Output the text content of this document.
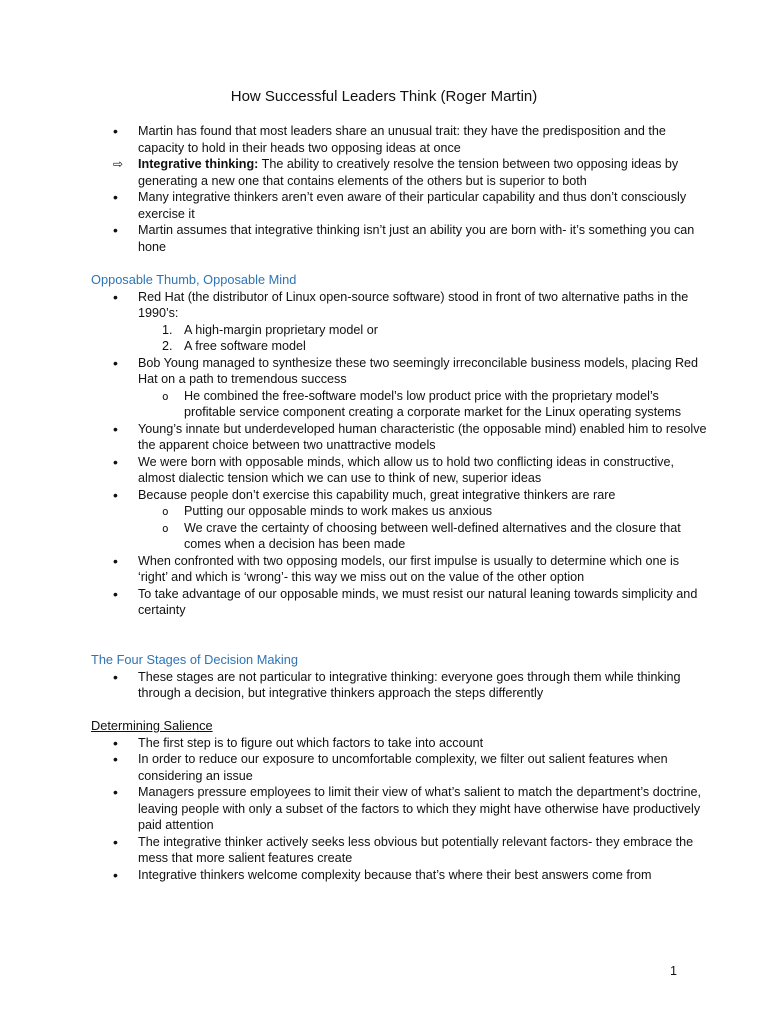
How Successful Leaders Think (Roger Martin)
•
Martin has found that most leaders share an unusual trait: they have the predisposition and the capacity to hold in their heads two opposing ideas at once
⇨
Integrative thinking: The ability to creatively resolve the tension between two opposing ideas by generating a new one that contains elements of the others but is superior to both
•
Many integrative thinkers aren’t even aware of their particular capability and thus don’t consciously exercise it
•
Martin assumes that integrative thinking isn’t just an ability you are born with- it’s something you can hone
Opposable Thumb, Opposable Mind
•
Red Hat (the distributor of Linux open-source software) stood in front of two alternative paths in the 1990’s:
1. A high-margin proprietary model or
2. A free software model
•
Bob Young managed to synthesize these two seemingly irreconcilable business models, placing Red Hat on a path to tremendous success
o
He combined the free-software model’s low product price with the proprietary model’s profitable service component creating a corporate market for the Linux operating systems
•
Young’s innate but underdeveloped human characteristic (the opposable mind) enabled him to resolve the apparent choice between two unattractive models
•
We were born with opposable minds, which allow us to hold two conflicting ideas in constructive, almost dialectic tension which we can use to think of new, superior ideas
•
Because people don’t exercise this capability much, great integrative thinkers are rare
o
Putting our opposable minds to work makes us anxious
o
We crave the certainty of choosing between well-defined alternatives and the closure that comes when a decision has been made
•
When confronted with two opposing models, our first impulse is usually to determine which one is ‘right’ and which is ‘wrong’- this way we miss out on the value of the other option
•
To take advantage of our opposable minds, we must resist our natural leaning towards simplicity and certainty
The Four Stages of Decision Making
•
These stages are not particular to integrative thinking: everyone goes through them while thinking through a decision, but integrative thinkers approach the steps differently
Determining Salience
•
The first step is to figure out which factors to take into account
•
In order to reduce our exposure to uncomfortable complexity, we filter out salient features when considering an issue
•
Managers pressure employees to limit their view of what’s salient to match the department’s doctrine, leaving people with only a subset of the factors to which they might have otherwise have productively paid attention
•
The integrative thinker actively seeks less obvious but potentially relevant factors- they embrace the mess that more salient features create
•
Integrative thinkers welcome complexity because that’s where their best answers come from
1
